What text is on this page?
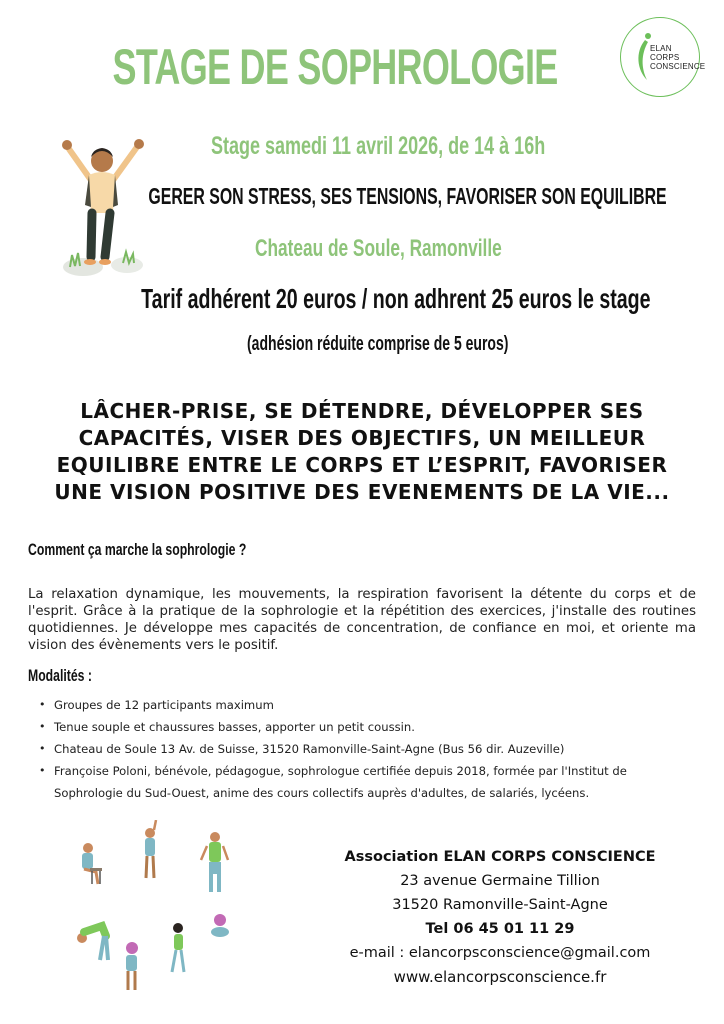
STAGE DE SOPHROLOGIE	ELAN
CORPS
CONSCIENCE
Stage samedi 11 avril 2026, de 14 à 16h
GERER SON STRESS, SES TENSIONS, FAVORISER SON EQUILIBRE
Chateau de Soule, Ramonville
Tarif adhérent 20 euros / non adhrent 25 euros le stage
(adhésion réduite comprise de 5 euros)
LÂCHER-PRISE, SE DÉTENDRE, DÉVELOPPER SES
CAPACITÉS, VISER DES OBJECTIFS, UN MEILLEUR
EQUILIBRE ENTRE LE CORPS ET L’ESPRIT, FAVORISER
UNE VISION POSITIVE DES EVENEMENTS DE LA VIE...
Comment ça marche la sophrologie ?
La relaxation dynamique, les mouvements, la respiration favorisent la détente du corps et de l'esprit. Grâce à la pratique de la sophrologie et la répétition des exercices, j'installe des routines quotidiennes. Je développe mes capacités de concentration, de confiance en moi, et oriente ma vision des évènements vers le positif.
Modalités :
• Groupes de 12 participants maximum
• Tenue souple et chaussures basses, apporter un petit coussin.
• Chateau de Soule 13 Av. de Suisse, 31520 Ramonville-Saint-Agne (Bus 56 dir. Auzeville)
• Françoise Poloni, bénévole, pédagogue, sophrologue certifiée depuis 2018, formée par l'Institut de Sophrologie du Sud-Ouest, anime des cours collectifs auprès d'adultes, de salariés, lycéens.
Association ELAN CORPS CONSCIENCE
23 avenue Germaine Tillion
31520 Ramonville-Saint-Agne
Tel 06 45 01 11 29
e-mail : elancorpsconscience@gmail.com
www.elancorpsconscience.fr
